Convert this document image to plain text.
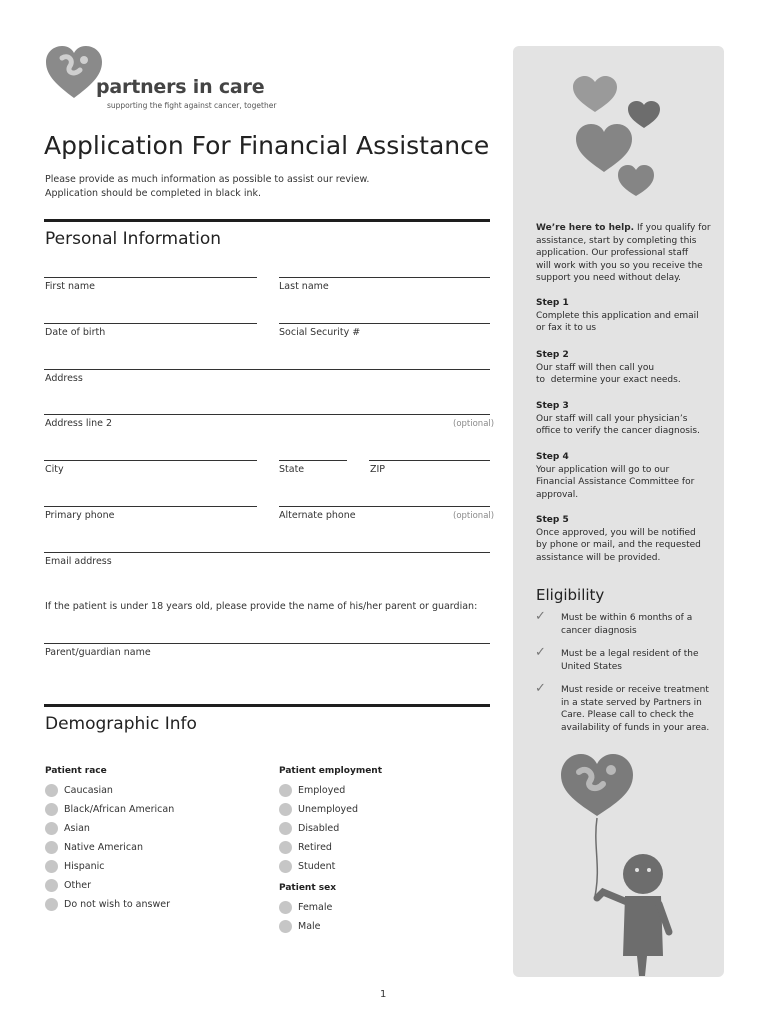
partners in care
supporting the fight against cancer, together
Application For Financial Assistance
Please provide as much information as possible to assist our review.
Application should be completed in black ink.
Personal Information
First name	Last name
Date of birth	Social Security #
Address
Address line 2	(optional)
City	State	ZIP
Primary phone	Alternate phone	(optional)
Email address
If the patient is under 18 years old, please provide the name of his/her parent or guardian:
Parent/guardian name
Demographic Info
Patient race
Caucasian
Black/African American
Asian
Native American
Hispanic
Other
Do not wish to answer
Patient employment
Employed
Unemployed
Disabled
Retired
Student
Patient sex
Female
Male
1
We’re here to help. If you qualify for
assistance, start by completing this
application. Our professional staff
will work with you so you receive the
support you need without delay.
Step 1
Complete this application and email
or fax it to us
Step 2
Our staff will then call you
to  determine your exact needs.
Step 3
Our staff will call your physician’s
office to verify the cancer diagnosis.
Step 4
Your application will go to our
Financial Assistance Committee for
approval.
Step 5
Once approved, you will be notified
by phone or mail, and the requested
assistance will be provided.
Eligibility
✓ Must be within 6 months of a
cancer diagnosis
✓ Must be a legal resident of the
United States
✓ Must reside or receive treatment
in a state served by Partners in
Care. Please call to check the
availability of funds in your area.
